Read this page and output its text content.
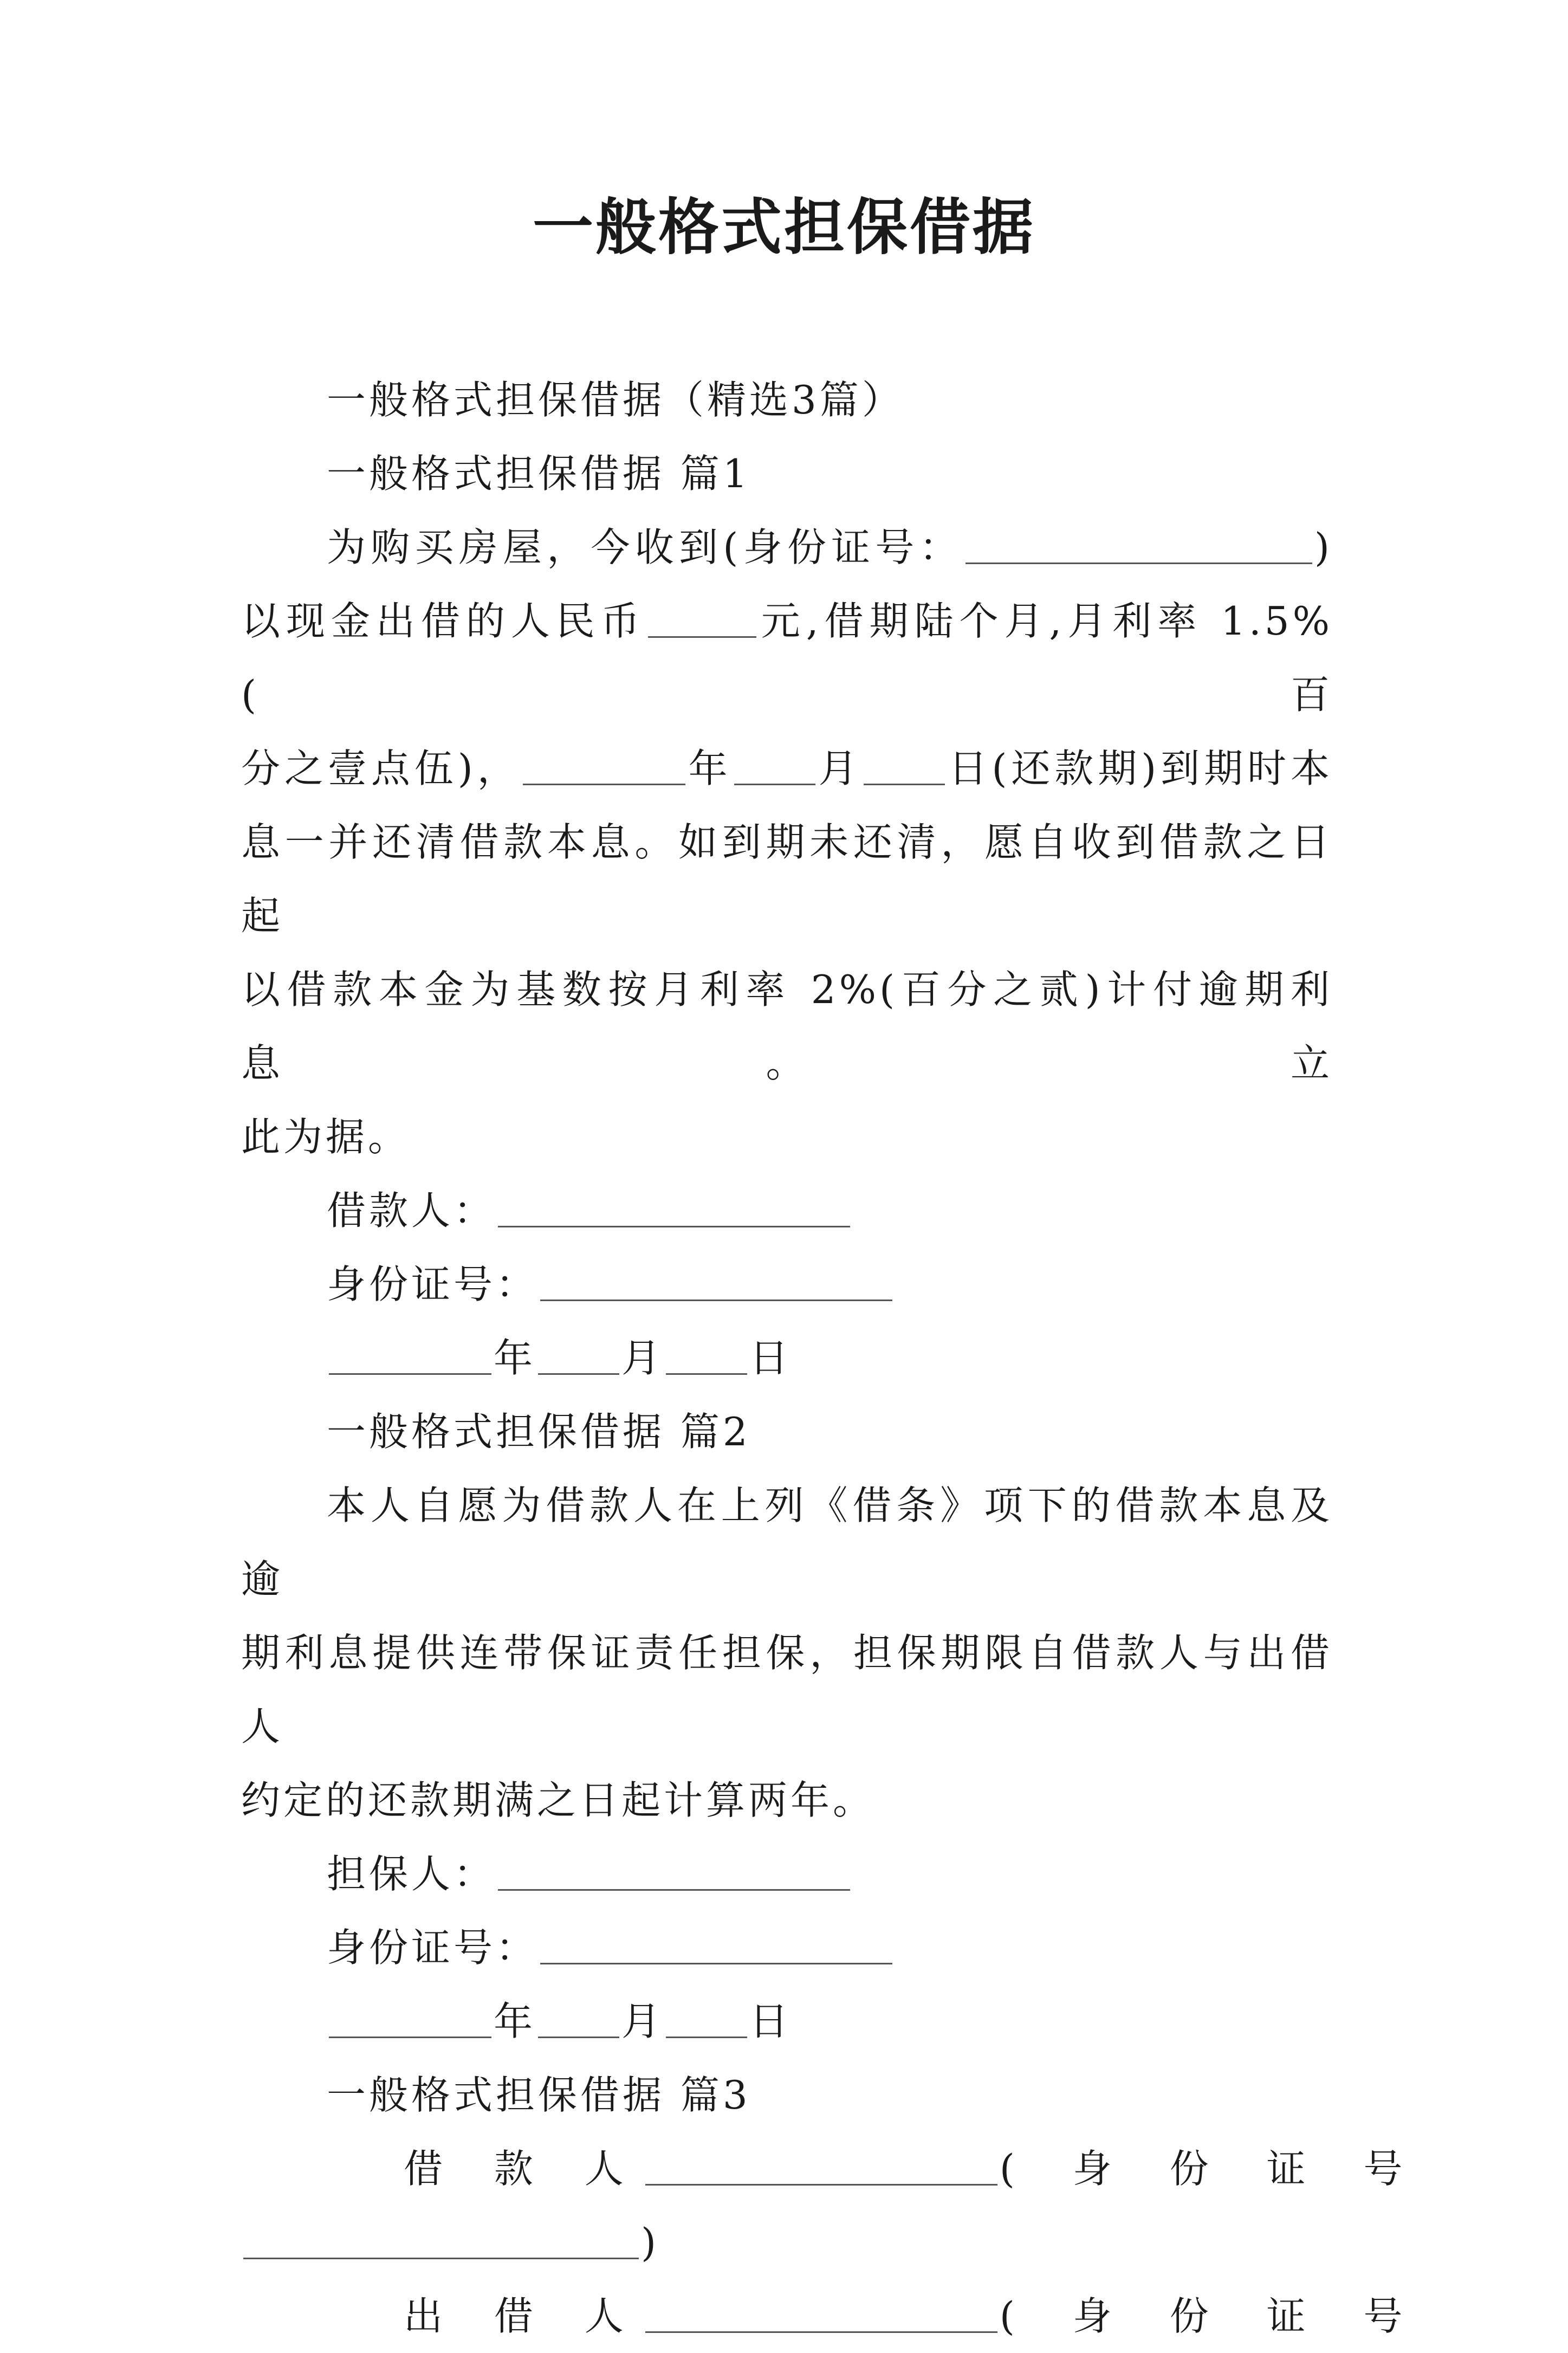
一般格式担保借据

一般格式担保借据（精选3篇）

一般格式担保借据 篇1

为购买房屋，今收到(身份证号：	)

以现金出借的人民币	元,借期陆个月,月利率 1.5%(百

分之壹点伍)，	年 月 日(还款期)到期时本

息一并还清借款本息。如到期未还清，愿自收到借款之日起

以借款本金为基数按月利率 2%(百分之贰)计付逾期利息。立

此为据。

借款人：

身份证号：

年 月 日

一般格式担保借据 篇2

本人自愿为借款人在上列《借条》项下的借款本息及逾

期利息提供连带保证责任担保，担保期限自借款人与出借人

约定的还款期满之日起计算两年。

担保人：

身份证号：

年 月 日

一般格式担保借据 篇3

借 款 人	( 身 份 证 号

)

出 借 人	( 身 份 证 号
